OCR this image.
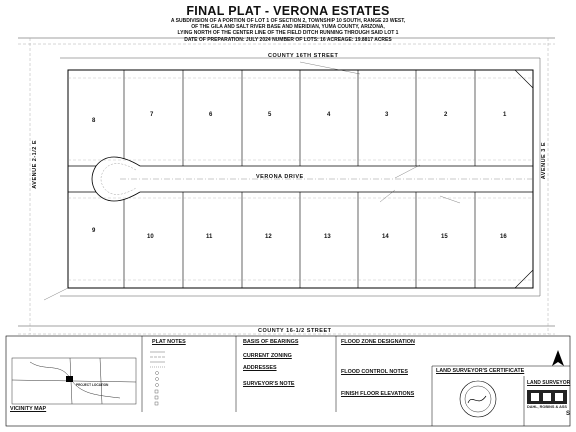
FINAL PLAT - VERONA ESTATES
A SUBDIVISION OF A PORTION OF LOT 1 OF SECTION 2, TOWNSHIP 10 SOUTH, RANGE 23 WEST,
OF THE GILA AND SALT RIVER BASE AND MERIDIAN, YUMA COUNTY, ARIZONA,
LYING NORTH OF THE CENTER LINE OF THE FIELD DITCH RUNNING THROUGH SAID LOT 1
DATE OF PREPARATION: JULY 2024 NUMBER OF LOTS: 16 ACREAGE: 19.8817 ACRES
COUNTY 16TH STREET
COUNTY 16-1/2 STREET
VERONA DRIVE
AVENUE 2-1/2 E	AVENUE 3 E
8
7	6	5	4	3	2	1
9
10	11	12	13	14	15	16
PLAT NOTES	BASIS OF BEARINGS
CURRENT ZONING
ADDRESSES
SURVEYOR'S NOTE
FLOOD ZONE DESIGNATION
FLOOD CONTROL NOTES
FINISH FLOOR ELEVATIONS
LAND SURVEYOR'S CERTIFICATE
LAND SURVEYOR
DAHL, ROBINS & ASS
VICINITY MAP
PROJECT LOCATION
S
